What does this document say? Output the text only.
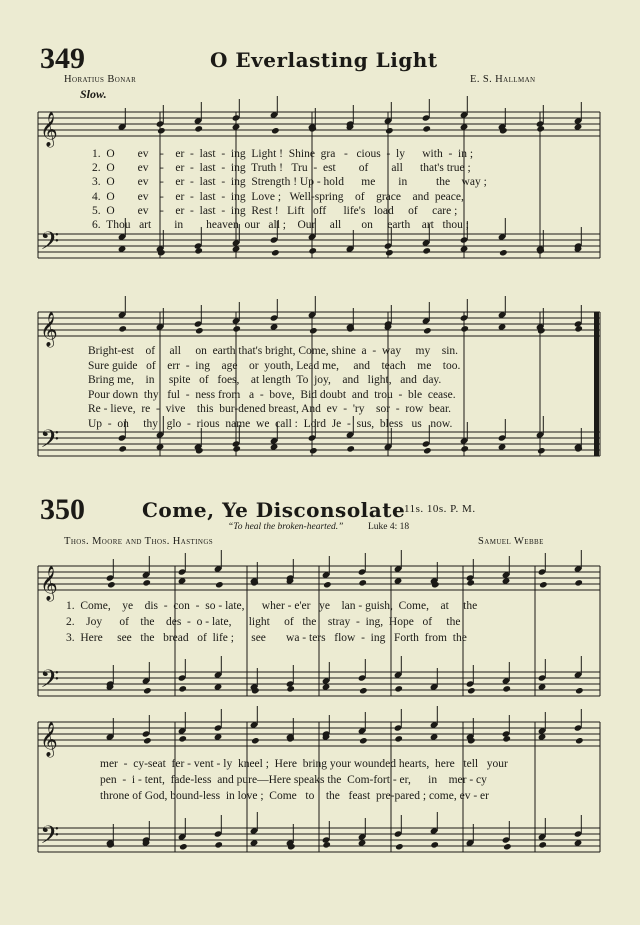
349	O Everlasting Light
Horatius Bonar	E. S. Hallman
Slow.
𝄞
𝄢
𝄞
𝄢
𝄞
𝄢
𝄞
𝄢
1.  O        ev    -    er  -  last  -  ing  Light !  Shine  gra   -   cious  -  ly      with  -  in ;
2.  O        ev    -    er  -  last  -  ing  Truth !   Tru  -  est        of        all      that's true ;
3.  O        ev    -    er  -  last  -  ing  Strength ! Up - hold      me        in          the    way ;
4.  O        ev    -    er  -  last  -  ing  Love ;   Well-spring    of    grace    and  peace,
5.  O        ev    -    er  -  last  -  ing  Rest !   Lift   off      life's   load     of     care ;
6.  Thou   art        in        heaven  our   all ;    Our     all       on     earth    art   thou ;
Bright-est    of     all     on  earth that's bright, Come, shine  a  -  way     my    sin.
Sure guide   of    err  -  ing    age    or  youth, Lead me,     and    teach    me    too.
Bring me,    in     spite   of   foes,    at length  To  joy,    and   light,   and  day.
Pour down  thy   ful  -  ness from   a  -  bove,  Bid doubt  and  trou  -  ble  cease.
Re - lieve,  re  -  vive    this  bur-dened breast, And  ev  -  'ry    sor  -  row  bear.
Up  -  on     thy   glo  -  rious  name  we  call :  Lord  Je  -  sus,  bless   us   now.
350	Come, Ye Disconsolate
11s. 10s. P. M.
“To heal the broken-hearted.”	Luke 4: 18
Thos. Moore and Thos. Hastings	Samuel Webbe
1.  Come,    ye    dis  -  con  -  so - late,      wher - e'er   ye    lan - guish,  Come,    at     the
2.    Joy      of    the    des  -  o - late,      light     of   the    stray  -  ing,  Hope   of     the
3.  Here     see   the   bread   of  life ;      see       wa - ters   flow  -  ing   Forth  from  the
mer  -  cy-seat  fer - vent - ly  kneel ;  Here  bring your wounded hearts,  here   tell   your
pen  -  i - tent,  fade-less  and pure—Here speaks the  Com-fort - er,      in    mer - cy
throne of God, bound-less  in love ;  Come   to    the   feast  pre-pared ; come, ev - er
